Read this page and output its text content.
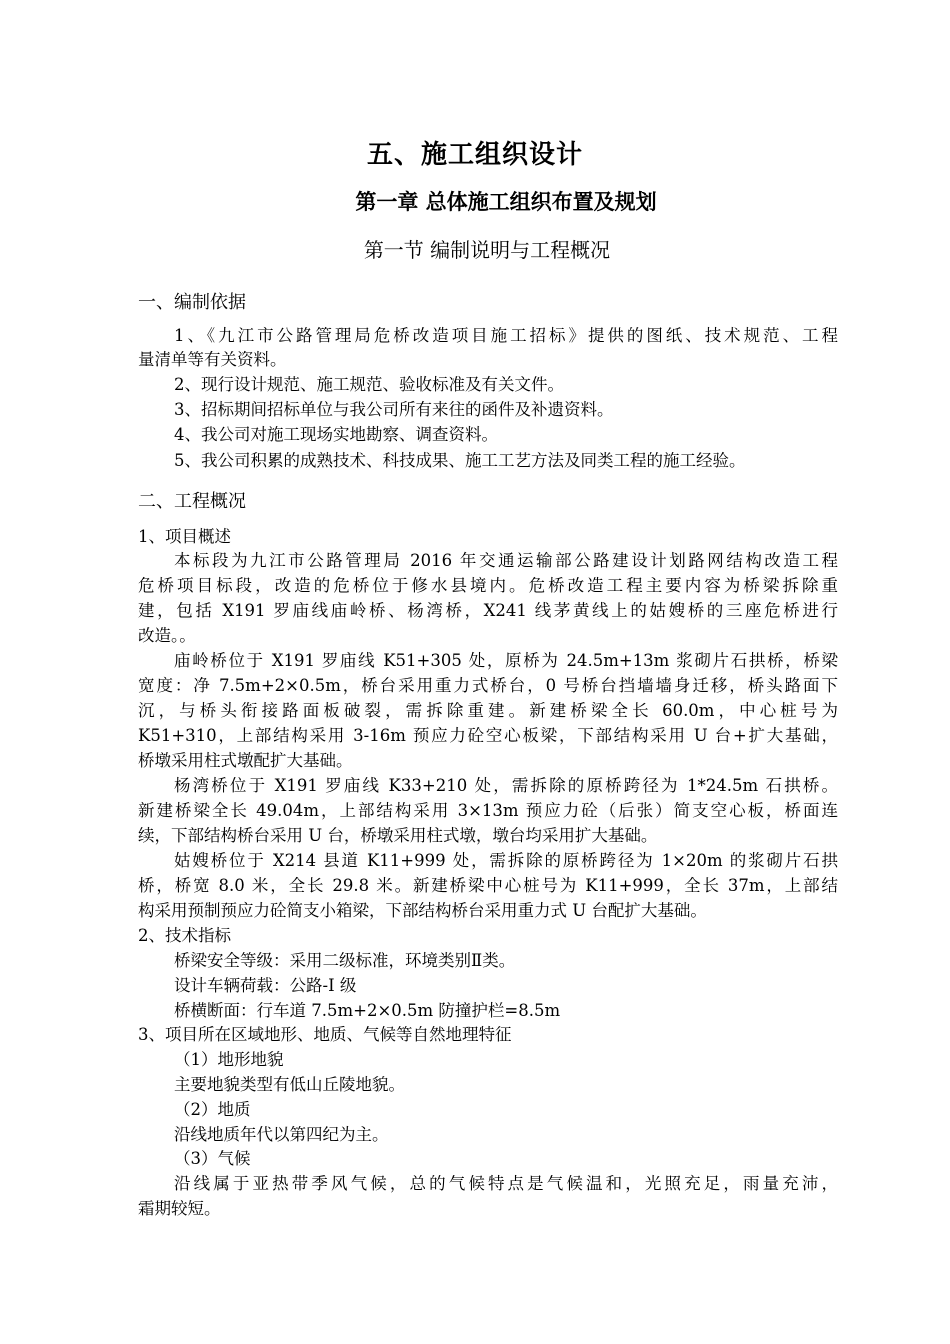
五、施工组织设计
第一章 总体施工组织布置及规划
第一节 编制说明与工程概况
一、编制依据
1、《九江市公路管理局危桥改造项目施工招标》提供的图纸、技术规范、工程
量清单等有关资料。
2、现行设计规范、施工规范、验收标准及有关文件。
3、招标期间招标单位与我公司所有来往的函件及补遗资料。
4、我公司对施工现场实地勘察、调查资料。
5、我公司积累的成熟技术、科技成果、施工工艺方法及同类工程的施工经验。
二、工程概况
1、项目概述
本标段为九江市公路管理局 2016 年交通运输部公路建设计划路网结构改造工程
危桥项目标段，改造的危桥位于修水县境内。危桥改造工程主要内容为桥梁拆除重
建，包括 X191 罗庙线庙岭桥、杨湾桥，X241 线茅黄线上的姑嫂桥的三座危桥进行
改造。。
庙岭桥位于 X191 罗庙线 K51+305 处，原桥为 24.5m+13m 浆砌片石拱桥，桥梁
宽度：净 7.5m+2×0.5m，桥台采用重力式桥台，0 号桥台挡墙墙身迁移，桥头路面下
沉，与桥头衔接路面板破裂，需拆除重建。新建桥梁全长 60.0m，中心桩号为
K51+310，上部结构采用 3-16m 预应力砼空心板梁，下部结构采用 U 台+扩大基础，
桥墩采用柱式墩配扩大基础。
杨湾桥位于 X191 罗庙线 K33+210 处，需拆除的原桥跨径为 1*24.5m 石拱桥。
新建桥梁全长 49.04m，上部结构采用 3×13m 预应力砼（后张）简支空心板，桥面连
续，下部结构桥台采用 U 台，桥墩采用柱式墩，墩台均采用扩大基础。
姑嫂桥位于 X214 县道 K11+999 处，需拆除的原桥跨径为 1×20m 的浆砌片石拱
桥，桥宽 8.0 米，全长 29.8 米。新建桥梁中心桩号为 K11+999，全长 37m，上部结
构采用预制预应力砼简支小箱梁，下部结构桥台采用重力式 U 台配扩大基础。
2、技术指标
桥梁安全等级：采用二级标准，环境类别Ⅱ类。
设计车辆荷载：公路-I 级
桥横断面：行车道 7.5m+2×0.5m 防撞护栏=8.5m
3、项目所在区域地形、地质、气候等自然地理特征
（1）地形地貌
主要地貌类型有低山丘陵地貌。
（2）地质
沿线地质年代以第四纪为主。
（3）气候
沿线属于亚热带季风气候，总的气候特点是气候温和，光照充足，雨量充沛，
霜期较短。
